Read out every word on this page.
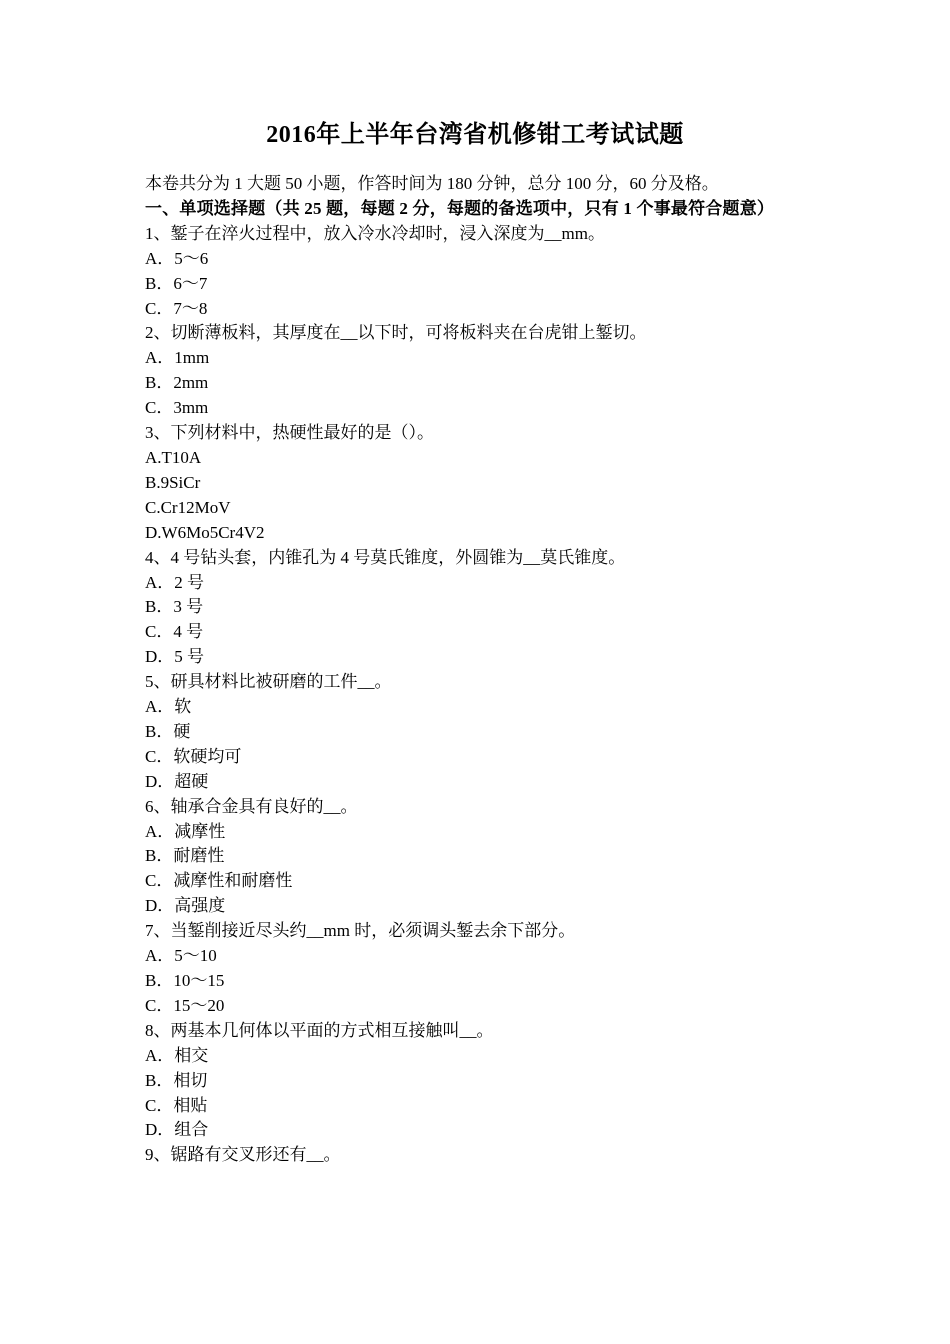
2016年上半年台湾省机修钳工考试试题
本卷共分为 1 大题 50 小题，作答时间为 180 分钟，总分 100 分，60 分及格。
一、单项选择题（共 25 题，每题 2 分，每题的备选项中，只有 1 个事最符合题意）
1、錾子在淬火过程中，放入冷水冷却时，浸入深度为__mm。
A．5～6
B．6～7
C．7～8
2、切断薄板料，其厚度在__以下时，可将板料夹在台虎钳上錾切。
A．1mm
B．2mm
C．3mm
3、下列材料中，热硬性最好的是（）。
A.T10A
B.9SiCr
C.Cr12MoV
D.W6Mo5Cr4V2
4、4 号钻头套，内锥孔为 4 号莫氏锥度，外圆锥为__莫氏锥度。
A．2 号
B．3 号
C．4 号
D．5 号
5、研具材料比被研磨的工件__。
A．软
B．硬
C．软硬均可
D．超硬
6、轴承合金具有良好的__。
A．减摩性
B．耐磨性
C．减摩性和耐磨性
D．高强度
7、当錾削接近尽头约__mm 时，必须调头錾去余下部分。
A．5～10
B．10～15
C．15～20
8、两基本几何体以平面的方式相互接触叫__。
A．相交
B．相切
C．相贴
D．组合
9、锯路有交叉形还有__。
